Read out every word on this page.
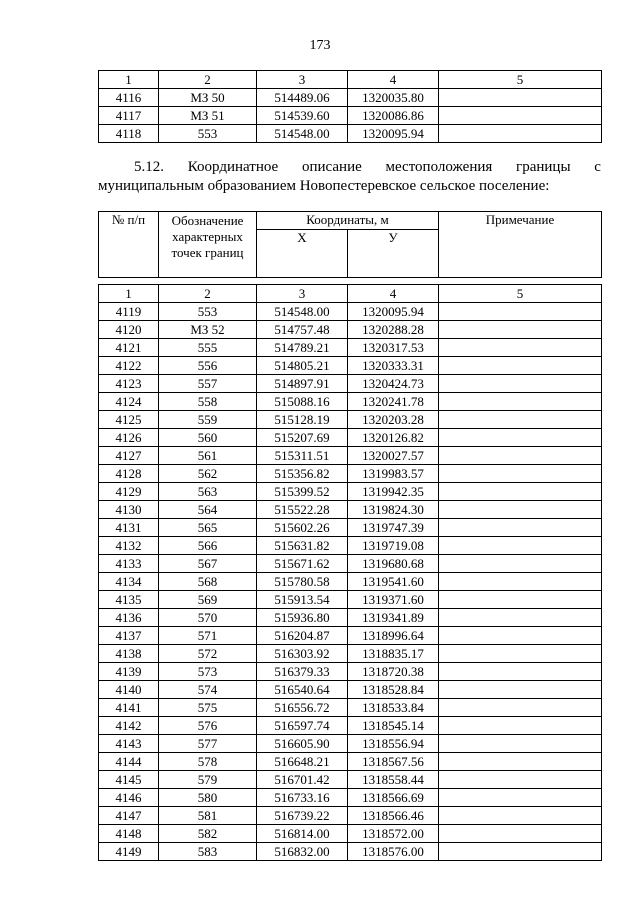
173
1	2	3	4	5
4116	МЗ 50	514489.06	1320035.80	
4117	МЗ 51	514539.60	1320086.86	
4118	553	514548.00	1320095.94	
5.12. Координатное описание местоположения границы с
муниципальным образованием Новопестеревское сельское поселение:
№ п/п	Обозначение характерных точек границ	Координаты, м		Примечание
		X	У	
1	2	3	4	5
4119	553	514548.00	1320095.94	
4120	МЗ 52	514757.48	1320288.28	
4121	555	514789.21	1320317.53	
4122	556	514805.21	1320333.31	
4123	557	514897.91	1320424.73	
4124	558	515088.16	1320241.78	
4125	559	515128.19	1320203.28	
4126	560	515207.69	1320126.82	
4127	561	515311.51	1320027.57	
4128	562	515356.82	1319983.57	
4129	563	515399.52	1319942.35	
4130	564	515522.28	1319824.30	
4131	565	515602.26	1319747.39	
4132	566	515631.82	1319719.08	
4133	567	515671.62	1319680.68	
4134	568	515780.58	1319541.60	
4135	569	515913.54	1319371.60	
4136	570	515936.80	1319341.89	
4137	571	516204.87	1318996.64	
4138	572	516303.92	1318835.17	
4139	573	516379.33	1318720.38	
4140	574	516540.64	1318528.84	
4141	575	516556.72	1318533.84	
4142	576	516597.74	1318545.14	
4143	577	516605.90	1318556.94	
4144	578	516648.21	1318567.56	
4145	579	516701.42	1318558.44	
4146	580	516733.16	1318566.69	
4147	581	516739.22	1318566.46	
4148	582	516814.00	1318572.00	
4149	583	516832.00	1318576.00	
